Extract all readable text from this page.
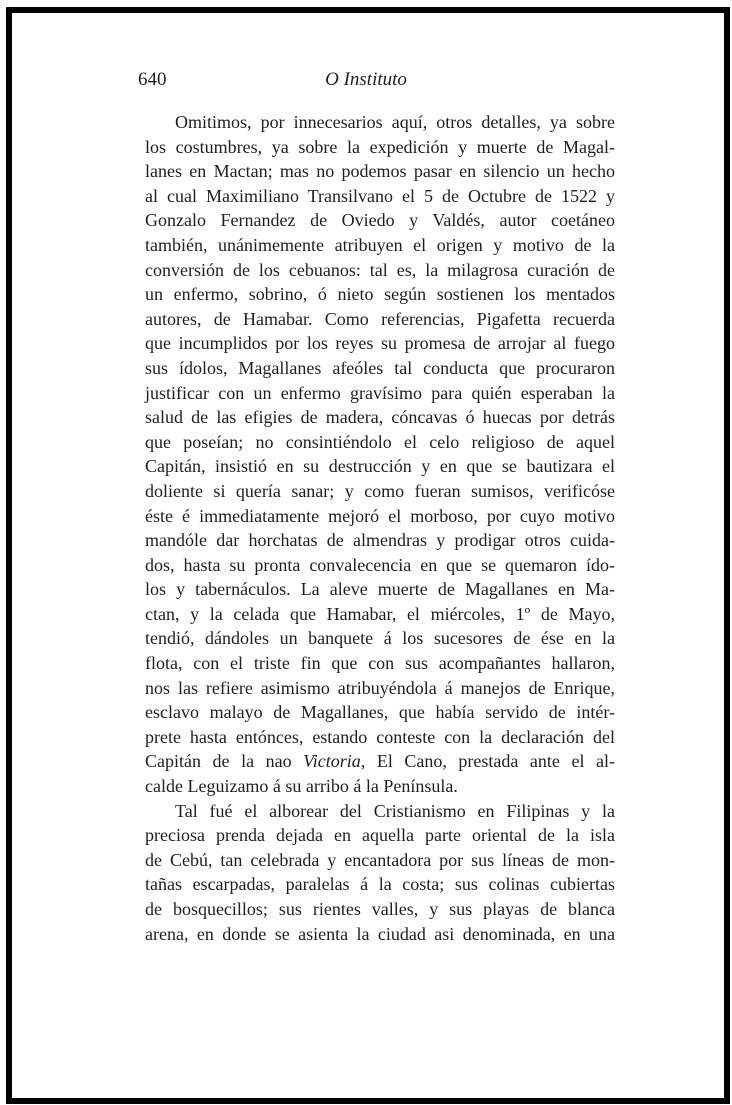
640	O Instituto
Omitimos, por innecesarios aquí, otros detalles, ya sobre
los costumbres, ya sobre la expedición y muerte de Magal-
lanes en Mactan; mas no podemos pasar en silencio un hecho
al cual Maximiliano Transilvano el 5 de Octubre de 1522 y
Gonzalo Fernandez de Oviedo y Valdés, autor coetáneo
también, unánimemente atribuyen el origen y motivo de la
conversión de los cebuanos: tal es, la milagrosa curación de
un enfermo, sobrino, ó nieto según sostienen los mentados
autores, de Hamabar. Como referencias, Pigafetta recuerda
que incumplidos por los reyes su promesa de arrojar al fuego
sus ídolos, Magallanes afeóles tal conducta que procuraron
justificar con un enfermo gravísimo para quién esperaban la
salud de las efigies de madera, cóncavas ó huecas por detrás
que poseían; no consintiéndolo el celo religioso de aquel
Capitán, insistió en su destrucción y en que se bautizara el
doliente si quería sanar; y como fueran sumisos, verificóse
éste é immediatamente mejoró el morboso, por cuyo motivo
mandóle dar horchatas de almendras y prodigar otros cuida-
dos, hasta su pronta convalecencia en que se quemaron ído-
los y tabernáculos. La aleve muerte de Magallanes en Ma-
ctan, y la celada que Hamabar, el miércoles, 1º de Mayo,
tendió, dándoles un banquete á los sucesores de ése en la
flota, con el triste fin que con sus acompañantes hallaron,
nos las refiere asimismo atribuyéndola á manejos de Enrique,
esclavo malayo de Magallanes, que había servido de intér-
prete hasta entónces, estando conteste con la declaración del
Capitán de la nao Victoria, El Cano, prestada ante el al-
calde Leguizamo á su arribo á la Península.
Tal fué el alborear del Cristianismo en Filipinas y la
preciosa prenda dejada en aquella parte oriental de la isla
de Cebú, tan celebrada y encantadora por sus líneas de mon-
tañas escarpadas, paralelas á la costa; sus colinas cubiertas
de bosquecillos; sus rientes valles, y sus playas de blanca
arena, en donde se asienta la ciudad asi denominada, en una
